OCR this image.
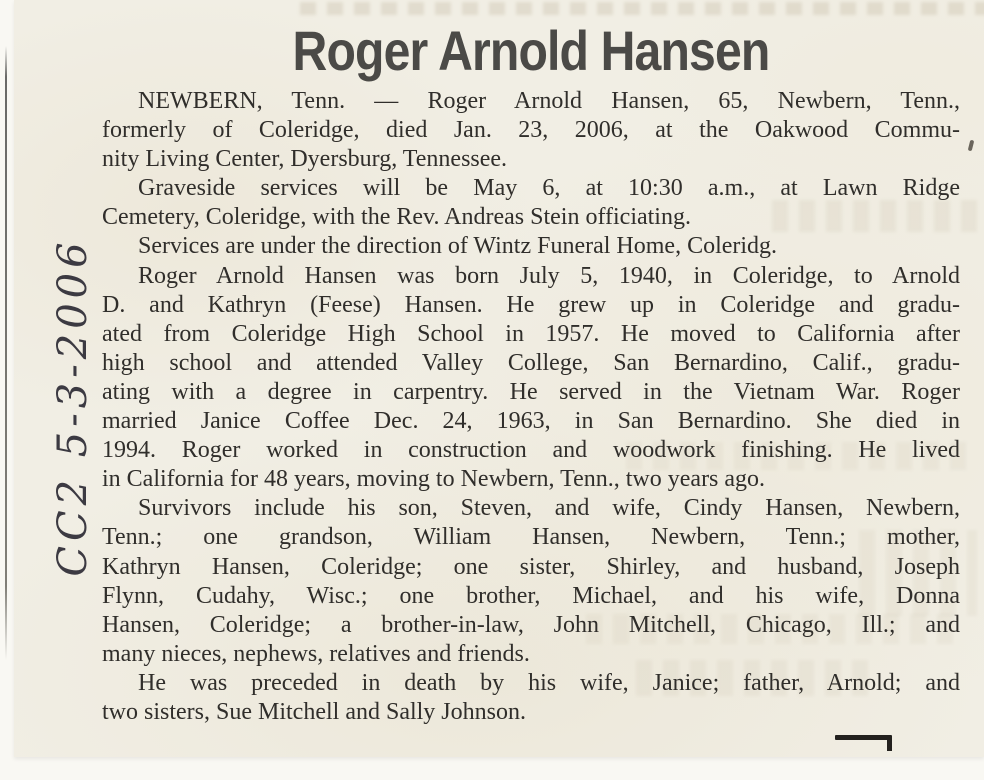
Roger Arnold Hansen
NEWBERN, Tenn. — Roger Arnold Hansen, 65, Newbern, Tenn.,
formerly of Coleridge, died Jan. 23, 2006, at the Oakwood Commu-
nity Living Center, Dyersburg, Tennessee.
Graveside services will be May 6, at 10:30 a.m., at Lawn Ridge
Cemetery, Coleridge, with the Rev. Andreas Stein officiating.
Services are under the direction of Wintz Funeral Home, Coleridg.
Roger Arnold Hansen was born July 5, 1940, in Coleridge, to Arnold
D. and Kathryn (Feese) Hansen. He grew up in Coleridge and gradu-
ated from Coleridge High School in 1957. He moved to California after
high school and attended Valley College, San Bernardino, Calif., gradu-
ating with a degree in carpentry. He served in the Vietnam War. Roger
married Janice Coffee Dec. 24, 1963, in San Bernardino. She died in
1994. Roger worked in construction and woodwork finishing. He lived
in California for 48 years, moving to Newbern, Tenn., two years ago.
Survivors include his son, Steven, and wife, Cindy Hansen, Newbern,
Tenn.; one grandson, William Hansen, Newbern, Tenn.; mother,
Kathryn Hansen, Coleridge; one sister, Shirley, and husband, Joseph
Flynn, Cudahy, Wisc.; one brother, Michael, and his wife, Donna
Hansen, Coleridge; a brother-in-law, John Mitchell, Chicago, Ill.; and
many nieces, nephews, relatives and friends.
He was preceded in death by his wife, Janice; father, Arnold; and
two sisters, Sue Mitchell and Sally Johnson.
CC2 5-3-2006
